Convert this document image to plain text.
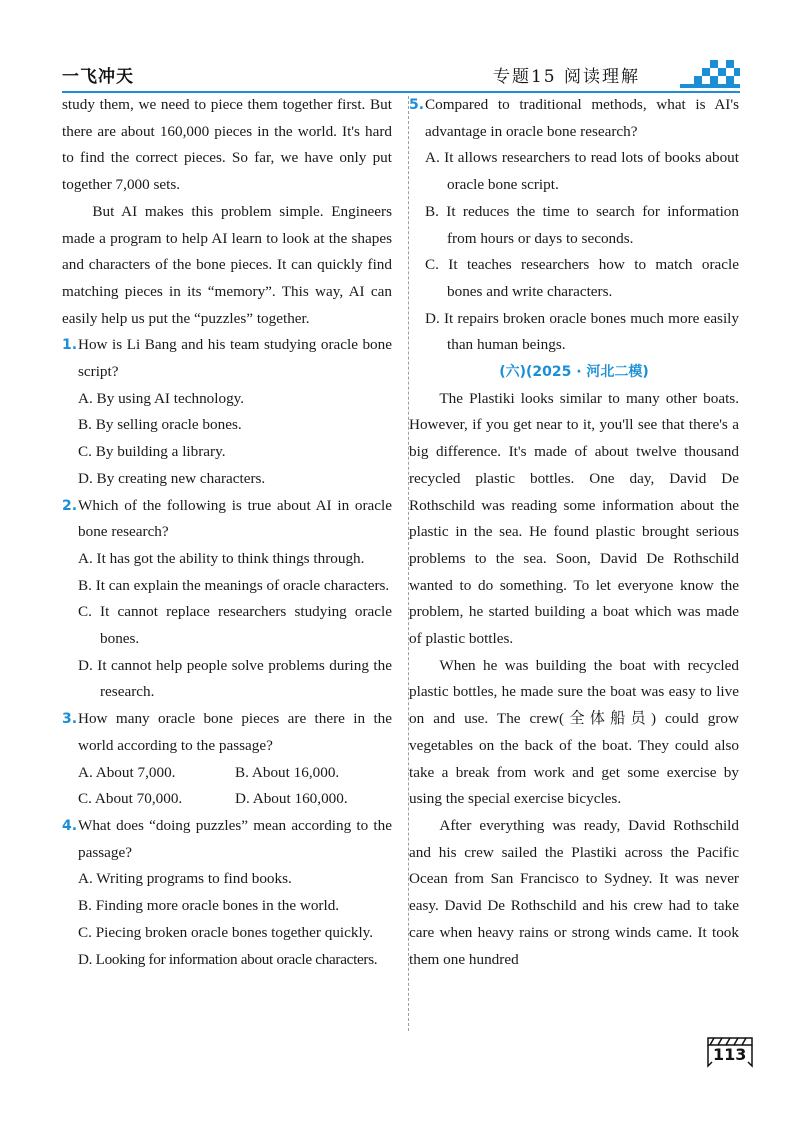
一飞冲天	专题15 阅读理解

study them, we need to piece them together first. But there are about 160,000 pieces in the world. It's hard to find the correct pieces. So far, we have only put together 7,000 sets.

But AI makes this problem simple. Engineers made a program to help AI learn to look at the shapes and characters of the bone pieces. It can quickly find matching pieces in its “memory”. This way, AI can easily help us put the “puzzles” together.

1. How is Li Bang and his team studying oracle bone script?

A. By using AI technology.

B. By selling oracle bones.

C. By building a library.

D. By creating new characters.

2. Which of the following is true about AI in oracle bone research?

A. It has got the ability to think things through.

B. It can explain the meanings of oracle characters.

C. It cannot replace researchers studying oracle bones.

D. It cannot help people solve problems during the research.

3. How many oracle bone pieces are there in the world according to the passage?
A. About 7,000.	B. About 16,000.
C. About 70,000.	D. About 160,000.
4. What does “doing puzzles” mean according to the passage?

A. Writing programs to find books.

B. Finding more oracle bones in the world.

C. Piecing broken oracle bones together quickly.

D. Looking for information about oracle characters.

5. Compared to traditional methods, what is AI's advantage in oracle bone research?

A. It allows researchers to read lots of books about oracle bone script.

B. It reduces the time to search for information from hours or days to seconds.

C. It teaches researchers how to match oracle bones and write characters.

D. It repairs broken oracle bones much more easily than human beings.

(六)(2025 · 河北二模)

The Plastiki looks similar to many other boats. However, if you get near to it, you'll see that there's a big difference. It's made of about twelve thousand recycled plastic bottles. One day, David De Rothschild was reading some information about the plastic in the sea. He found plastic brought serious problems to the sea. Soon, David De Rothschild wanted to do something. To let everyone know the problem, he started building a boat which was made of plastic bottles.

When he was building the boat with recycled plastic bottles, he made sure the boat was easy to live on and use. The crew(全体船员) could grow vegetables on the back of the boat. They could also take a break from work and get some exercise by using the special exercise bicycles.

After everything was ready, David Rothschild and his crew sailed the Plastiki across the Pacific Ocean from San Francisco to Sydney. It was never easy. David De Rothschild and his crew had to take care when heavy rains or strong winds came. It took them one hundred

113
